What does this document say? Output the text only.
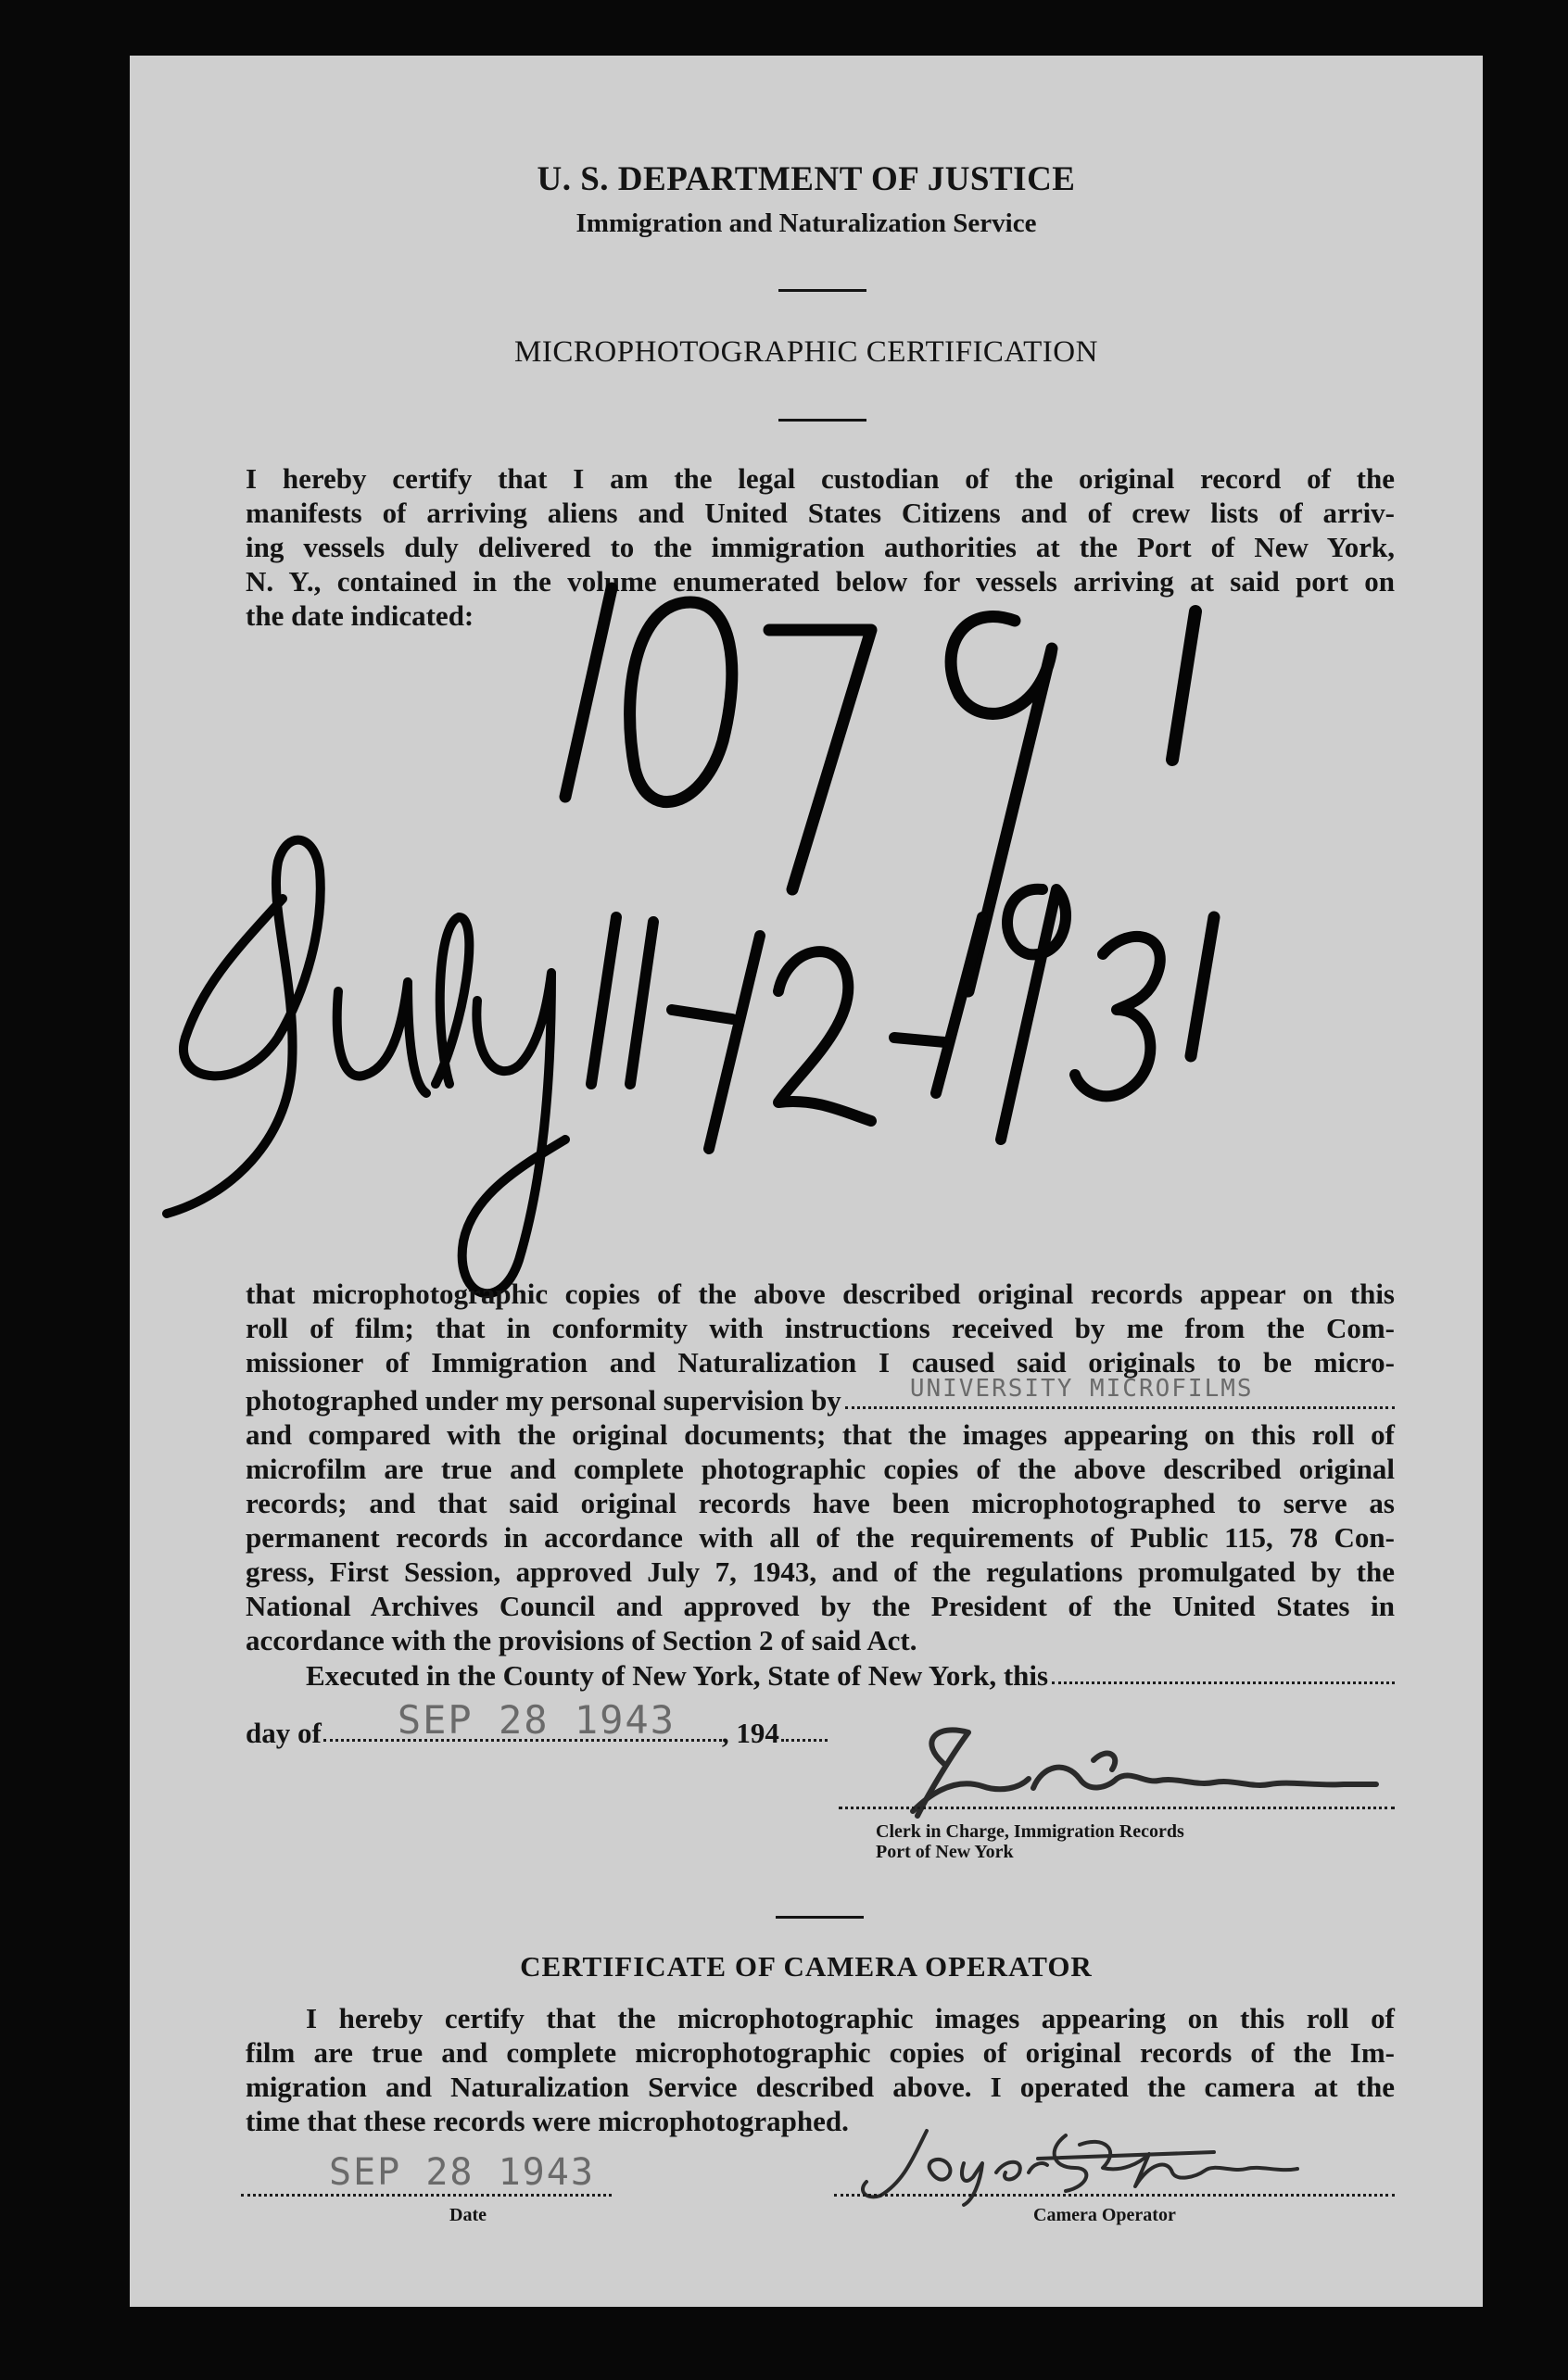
U. S. DEPARTMENT OF JUSTICE
Immigration and Naturalization Service
MICROPHOTOGRAPHIC CERTIFICATION
I hereby certify that I am the legal custodian of the original record of the
manifests of arriving aliens and United States Citizens and of crew lists of arriv-
ing vessels duly delivered to the immigration authorities at the Port of New York,
N. Y., contained in the volume enumerated below for vessels arriving at said port on
the date indicated:
that microphotographic copies of the above described original records appear on this
roll of film; that in conformity with instructions received by me from the Com-
missioner of Immigration and Naturalization I caused said originals to be micro-
photographed under my personal supervision by	UNIVERSITY MICROFILMS
and compared with the original documents; that the images appearing on this roll of
microfilm are true and complete photographic copies of the above described original
records; and that said original records have been microphotographed to serve as
permanent records in accordance with all of the requirements of Public 115, 78 Con-
gress, First Session, approved July 7, 1943, and of the regulations promulgated by the
National Archives Council and approved by the President of the United States in
accordance with the provisions of Section 2 of said Act.
Executed in the County of New York, State of New York, this
day of SEP 28 1943 , 194
Clerk in Charge, Immigration Records
Port of New York
CERTIFICATE OF CAMERA OPERATOR
I hereby certify that the microphotographic images appearing on this roll of
film are true and complete microphotographic copies of original records of the Im-
migration and Naturalization Service described above. I operated the camera at the
time that these records were microphotographed.
SEP 28 1943
Date	Camera Operator
